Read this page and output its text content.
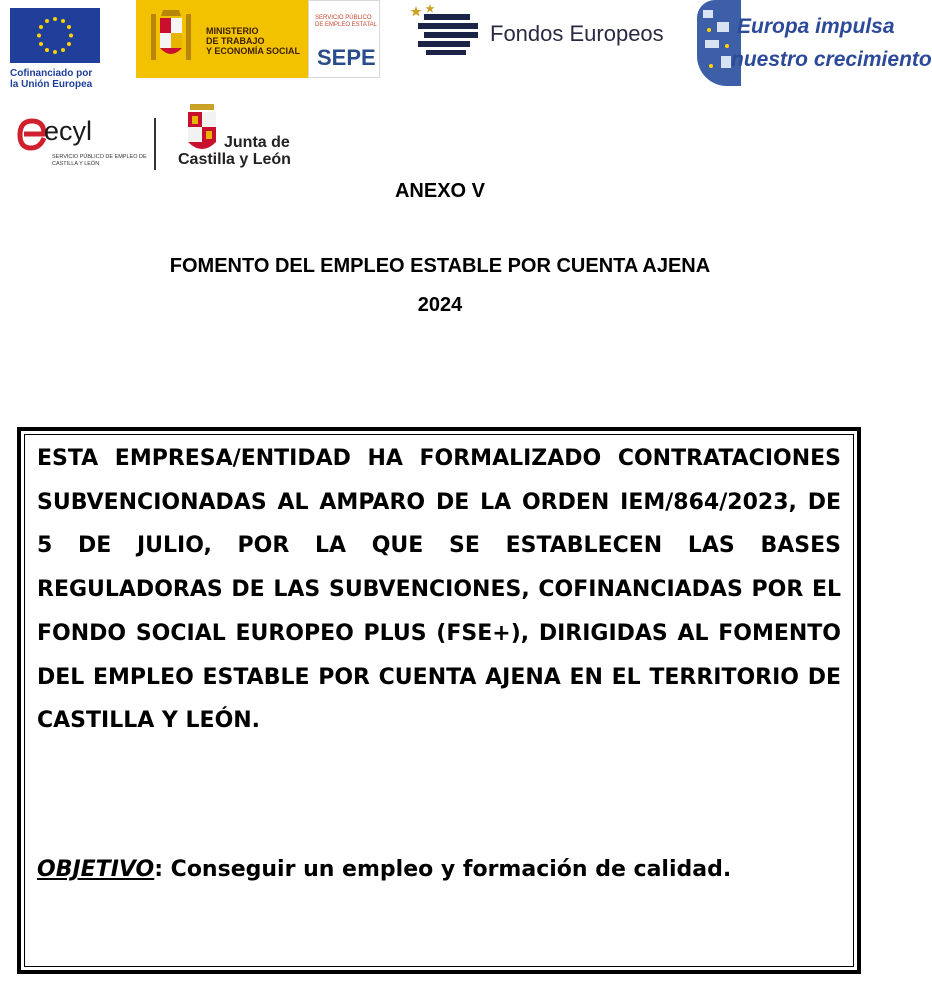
Cofinanciado por
la Unión Europea
MINISTERIO
DE TRABAJO
Y ECONOMÍA SOCIAL
SERVICIO PÚBLICO DE EMPLEO ESTATAL
SEPE
Fondos Europeos	Europa impulsa
nuestro crecimiento
ecyl
SERVICIO PÚBLICO DE EMPLEO DE CASTILLA Y LEÓN
Junta de
Castilla y León
ANEXO V
FOMENTO DEL EMPLEO ESTABLE POR CUENTA AJENA
2024
ESTA EMPRESA/ENTIDAD HA FORMALIZADO CONTRATACIONES SUBVENCIONADAS AL AMPARO DE LA ORDEN IEM/864/2023, DE 5 DE JULIO, POR LA QUE SE ESTABLECEN LAS BASES REGULADORAS DE LAS SUBVENCIONES, COFINANCIADAS POR EL FONDO SOCIAL EUROPEO PLUS (FSE+), DIRIGIDAS AL FOMENTO DEL EMPLEO ESTABLE POR CUENTA AJENA EN EL TERRITORIO DE CASTILLA Y LEÓN.
OBJETIVO: Conseguir un empleo y formación de calidad.
